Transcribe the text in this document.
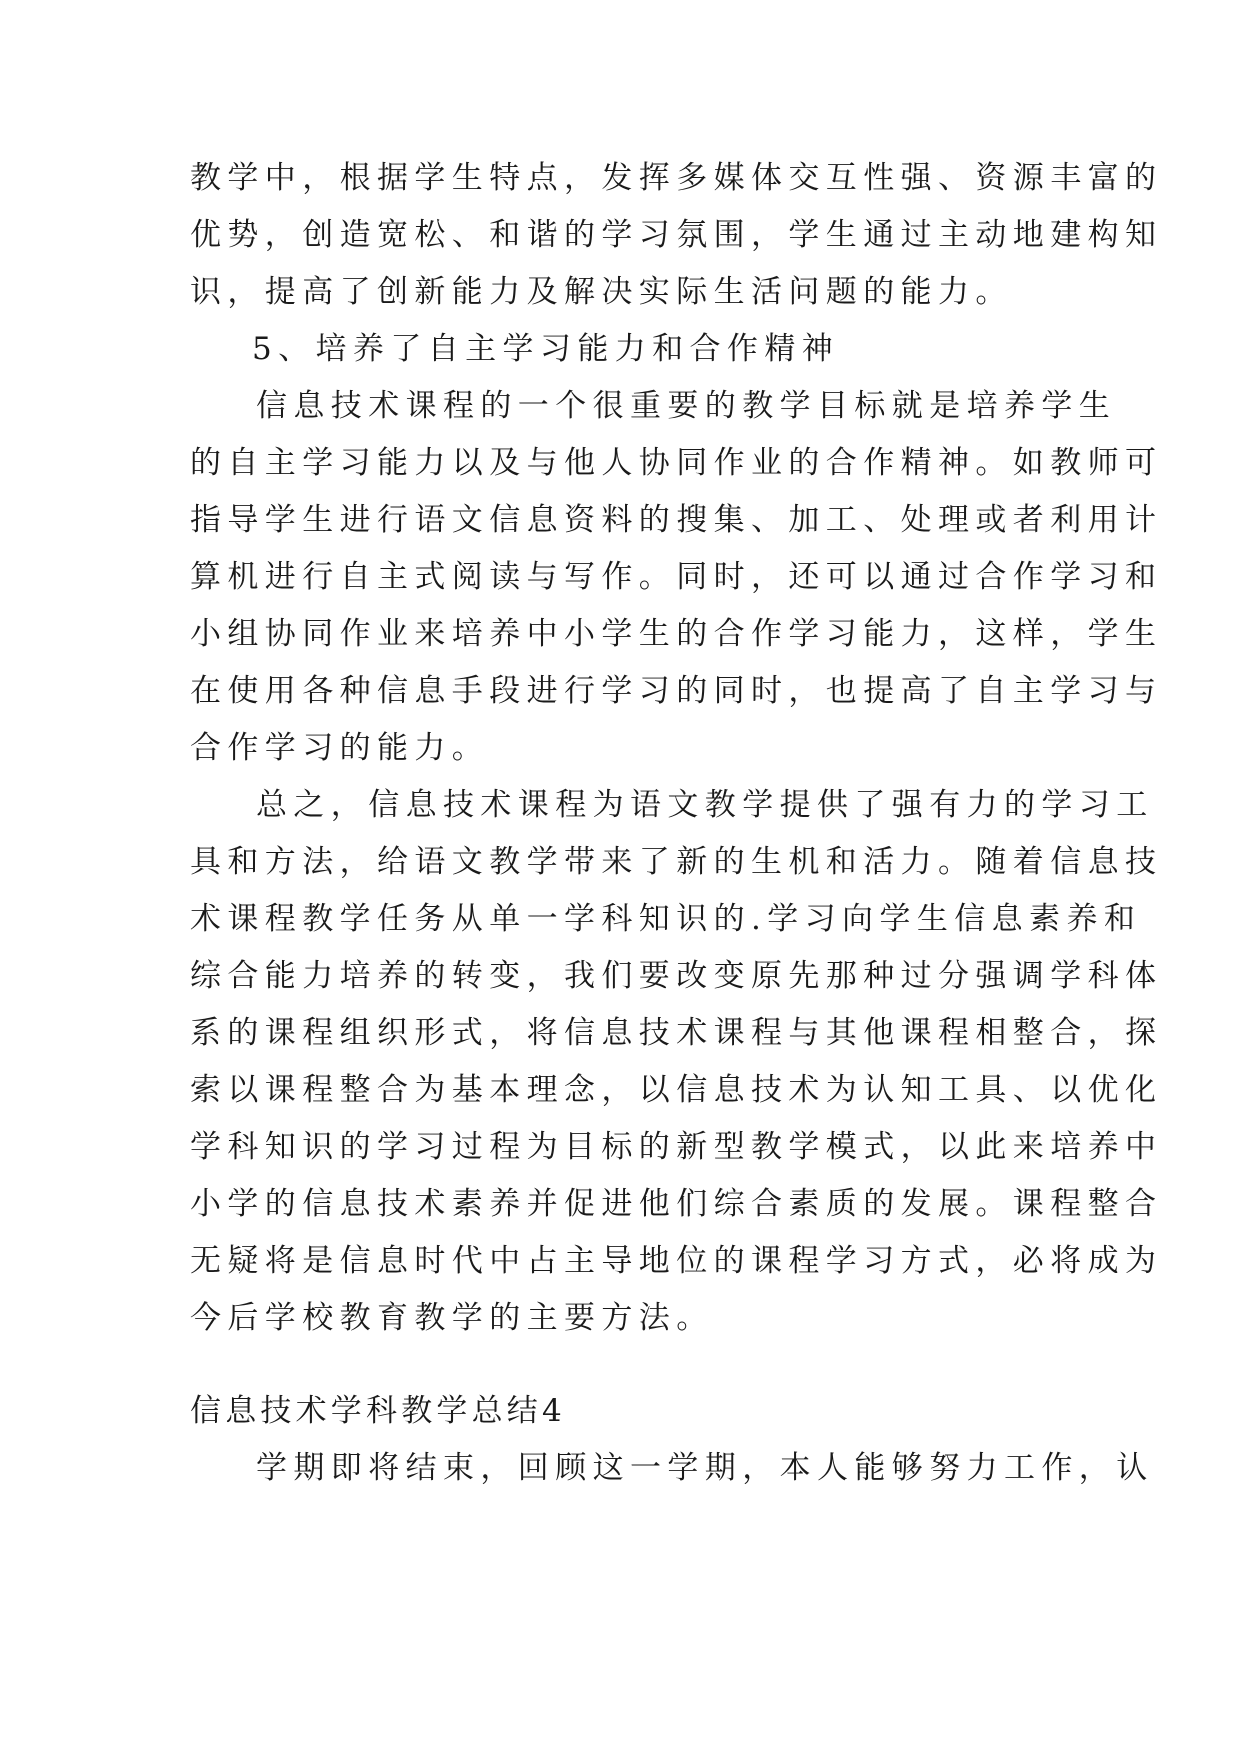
教学中，根据学生特点，发挥多媒体交互性强、资源丰富的
优势，创造宽松、和谐的学习氛围，学生通过主动地建构知
识，提高了创新能力及解决实际生活问题的能力。
5、培养了自主学习能力和合作精神
信息技术课程的一个很重要的教学目标就是培养学生
的自主学习能力以及与他人协同作业的合作精神。如教师可
指导学生进行语文信息资料的搜集、加工、处理或者利用计
算机进行自主式阅读与写作。同时，还可以通过合作学习和
小组协同作业来培养中小学生的合作学习能力，这样，学生
在使用各种信息手段进行学习的同时，也提高了自主学习与
合作学习的能力。
总之，信息技术课程为语文教学提供了强有力的学习工
具和方法，给语文教学带来了新的生机和活力。随着信息技
术课程教学任务从单一学科知识的.学习向学生信息素养和
综合能力培养的转变，我们要改变原先那种过分强调学科体
系的课程组织形式，将信息技术课程与其他课程相整合，探
索以课程整合为基本理念，以信息技术为认知工具、以优化
学科知识的学习过程为目标的新型教学模式，以此来培养中
小学的信息技术素养并促进他们综合素质的发展。课程整合
无疑将是信息时代中占主导地位的课程学习方式，必将成为
今后学校教育教学的主要方法。
信息技术学科教学总结4
学期即将结束，回顾这一学期，本人能够努力工作，认
